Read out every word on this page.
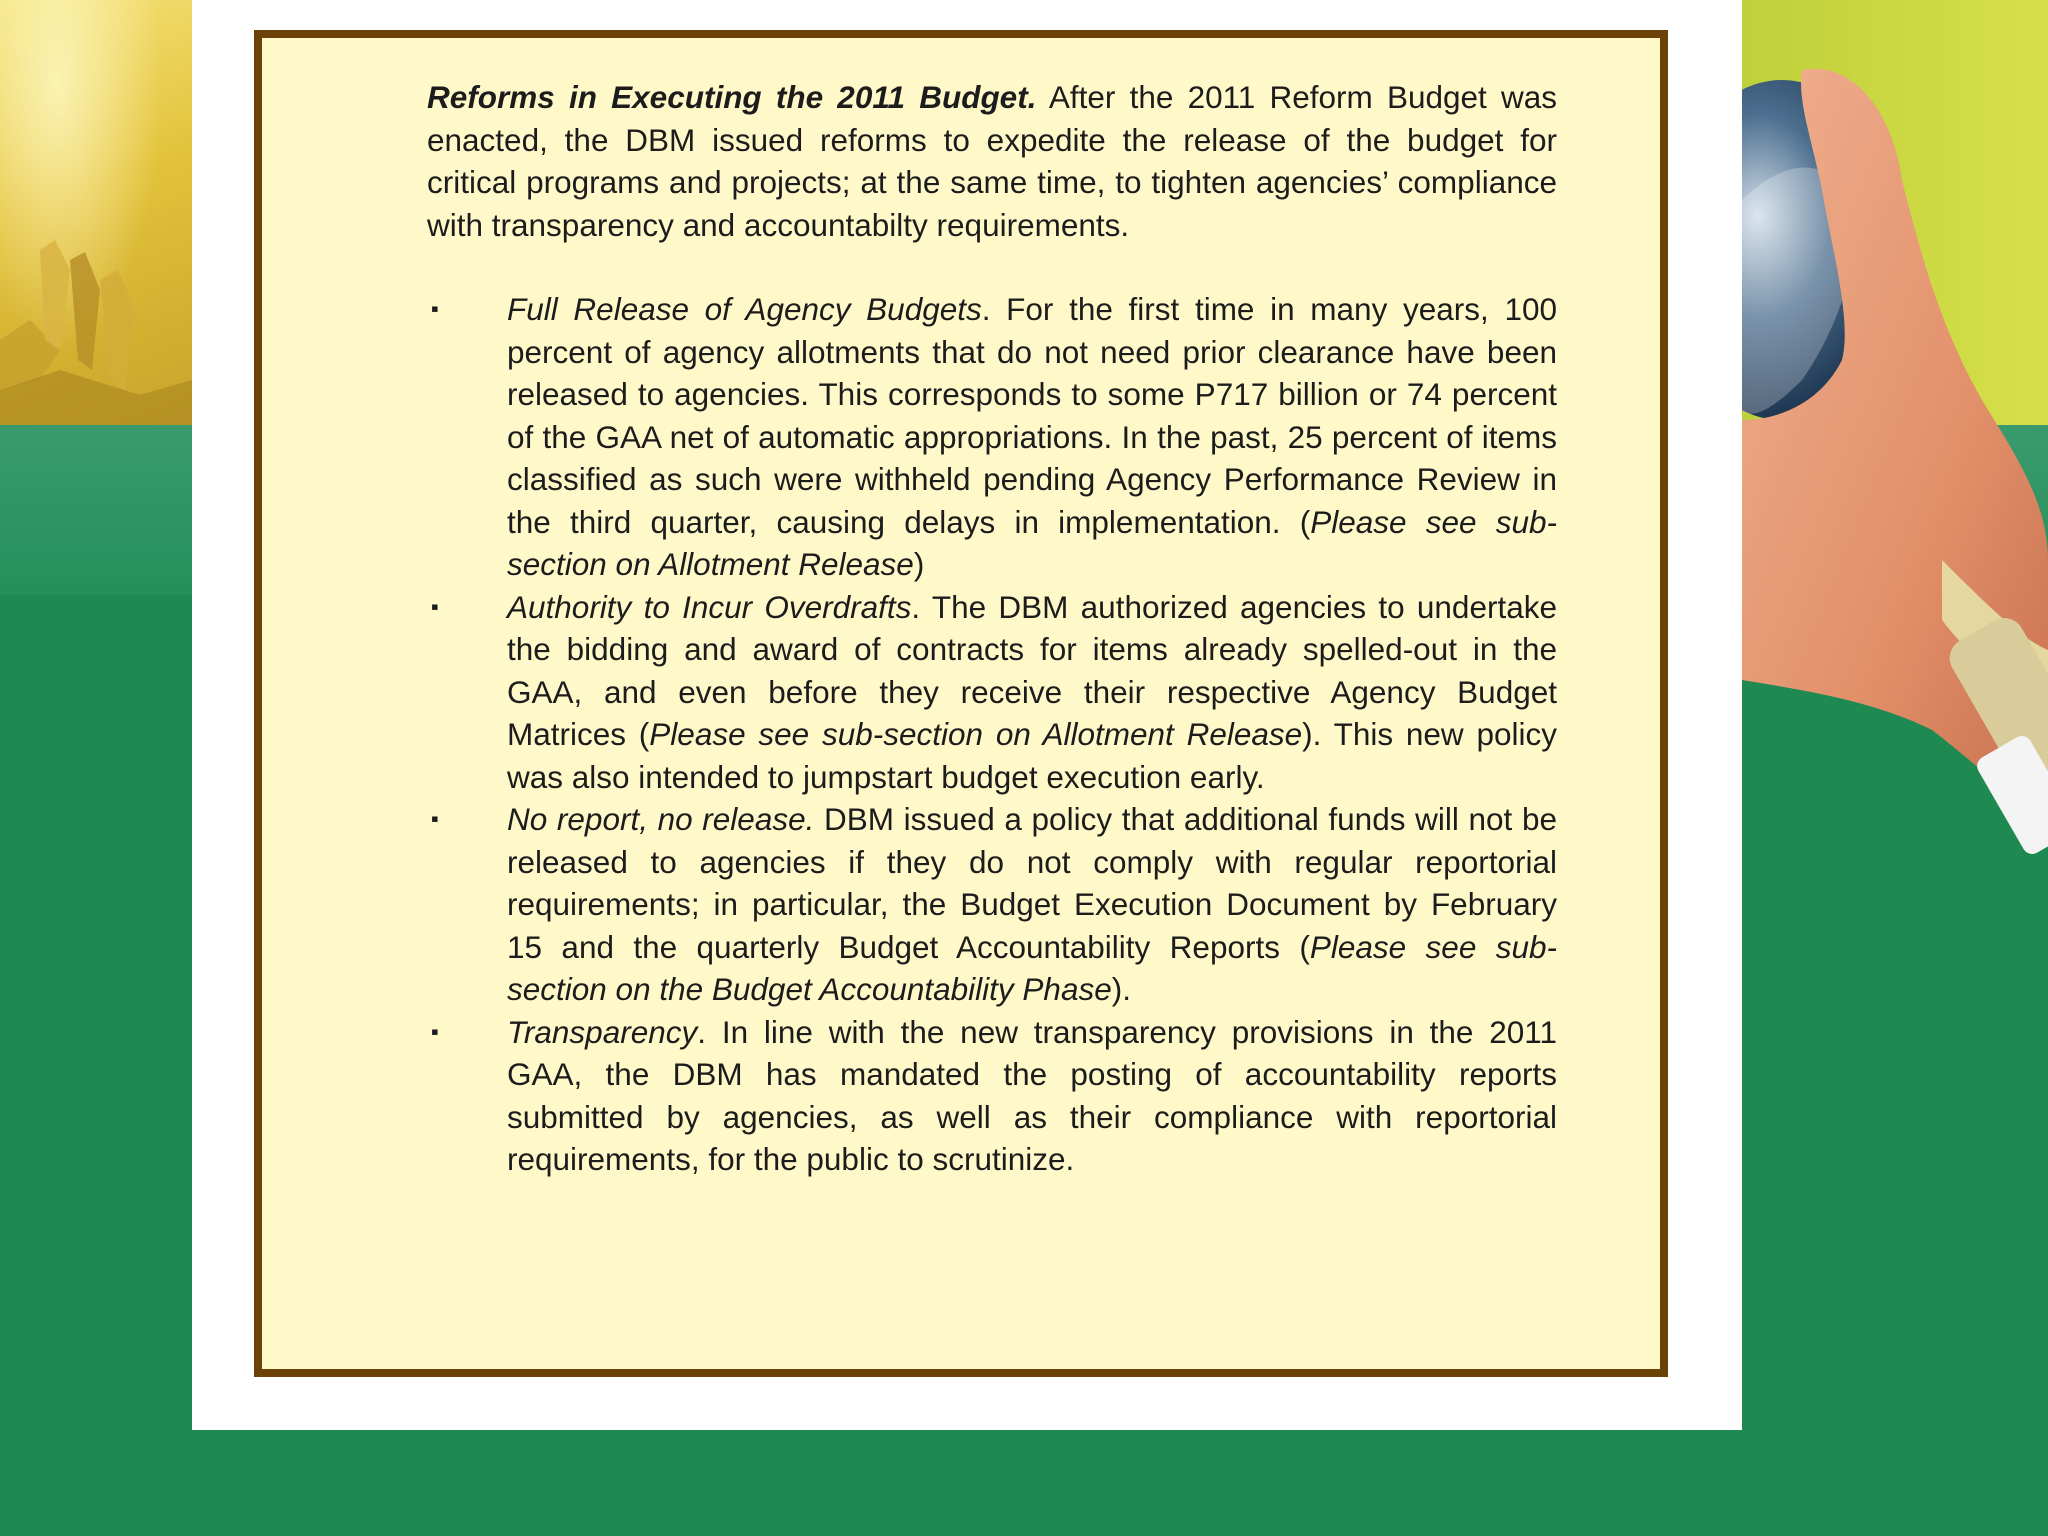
Reforms in Executing the 2011 Budget. After the 2011 Reform Budget was enacted, the DBM issued reforms to expedite the release of the budget for critical programs and projects; at the same time, to tighten agencies’ compliance with transparency and accountabilty requirements.

▪ Full Release of Agency Budgets. For the first time in many years, 100 percent of agency allotments that do not need prior clearance have been released to agencies. This corresponds to some P717 billion or 74 percent of the GAA net of automatic appropriations. In the past, 25 percent of items classified as such were withheld pending Agency Performance Review in the third quarter, causing delays in implementation. (Please see sub-section on Allotment Release)
▪ Authority to Incur Overdrafts. The DBM authorized agencies to undertake the bidding and award of contracts for items already spelled-out in the GAA, and even before they receive their respective Agency Budget Matrices (Please see sub-section on Allotment Release). This new policy was also intended to jumpstart budget execution early.
▪ No report, no release. DBM issued a policy that additional funds will not be released to agencies if they do not comply with regular reportorial requirements; in particular, the Budget Execution Document by February 15 and the quarterly Budget Accountability Reports (Please see sub-section on the Budget Accountability Phase).
▪ Transparency. In line with the new transparency provisions in the 2011 GAA, the DBM has mandated the posting of accountability reports submitted by agencies, as well as their compliance with reportorial requirements, for the public to scrutinize.
